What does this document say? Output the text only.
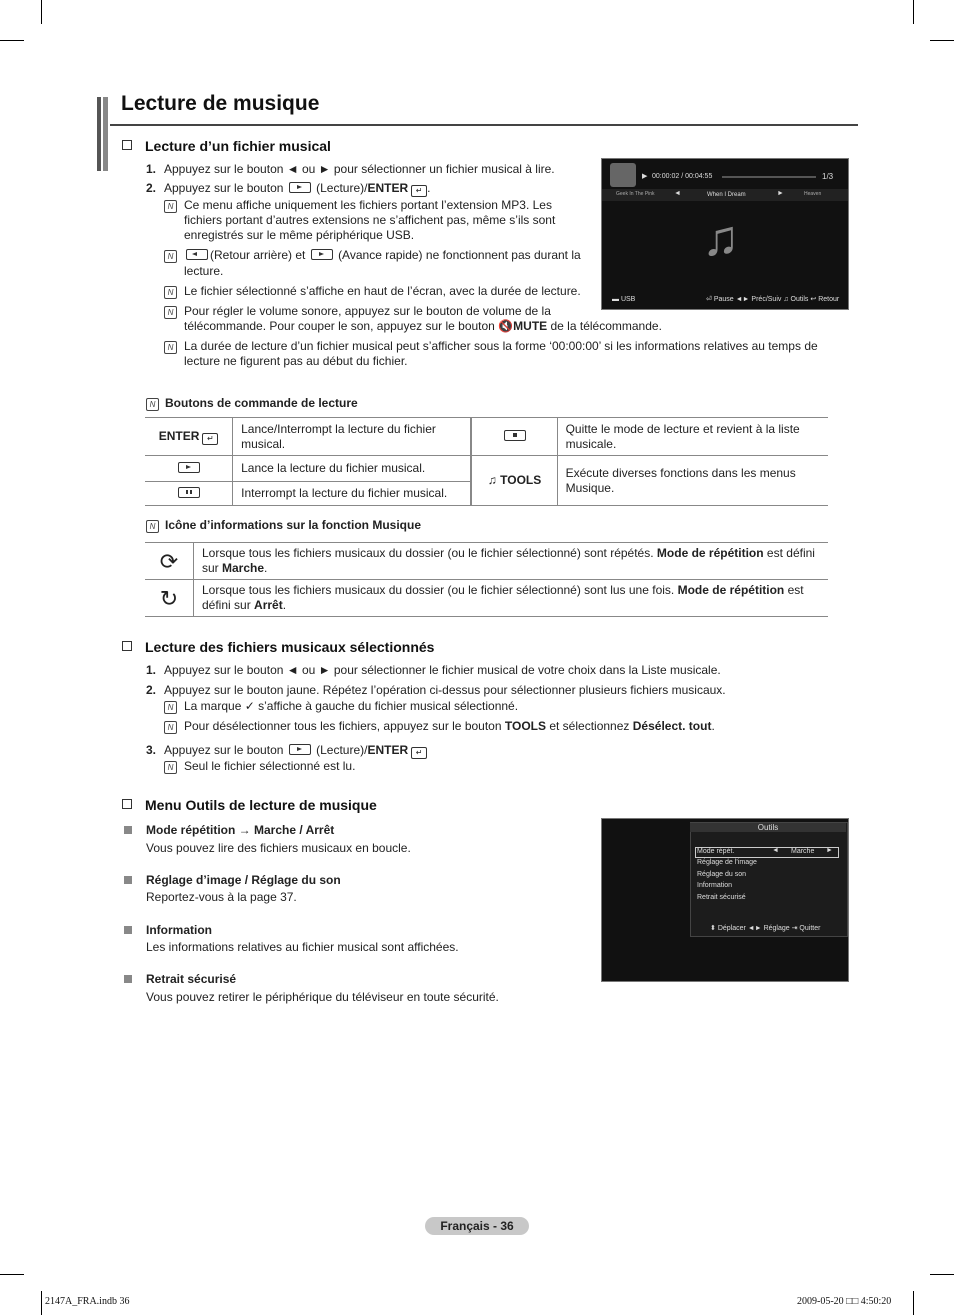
Lecture de musique
Lecture d’un fichier musical
1. Appuyez sur le bouton ◄ ou ► pour sélectionner un fichier musical à lire.
2. Appuyez sur le bouton	(Lecture)/ENTER ↵ .
N Ce menu affiche uniquement les fichiers portant l’extension MP3. Les
fichiers portant d’autres extensions ne s’affichent pas, même s’ils sont
enregistrés sur le même périphérique USB.
N	(Retour arrière) et	(Avance rapide) ne fonctionnent pas durant la
lecture.
N Le fichier sélectionné s’affiche en haut de l’écran, avec la durée de lecture.
N Pour régler le volume sonore, appuyez sur le bouton de volume de la
télécommande. Pour couper le son, appuyez sur le bouton 🔇MUTE de la télécommande.
N La durée de lecture d’un fichier musical peut s’afficher sous la forme ‘00:00:00’ si les informations relatives au temps de
lecture ne figurent pas au début du fichier.
▶ 00:00:02 / 00:04:55	1/3
Geek In The Pink	◄	When I Dream	►	Heaven
♫
▬ USB	⏎ Pause ◄► Préc/Suiv ♫ Outils ↩ Retour
N Boutons de commande de lecture
ENTER ↵	Lance/Interrompt la lecture du fichier
musical.		Quitte le mode de lecture et revient à la liste
musicale.

	Lance la lecture du fichier musical.	♫ TOOLS	Exécute diverses fonctions dans les menus
Musique.

	Interrompt la lecture du fichier musical.		
N Icône d’informations sur la fonction Musique
⟳	Lorsque tous les fichiers musicaux du dossier (ou le fichier sélectionné) sont répétés. Mode de répétition est défini
sur Marche.
↻	Lorsque tous les fichiers musicaux du dossier (ou le fichier sélectionné) sont lus une fois. Mode de répétition est
défini sur Arrêt.
Lecture des fichiers musicaux sélectionnés
1. Appuyez sur le bouton ◄ ou ► pour sélectionner le fichier musical de votre choix dans la Liste musicale.
2. Appuyez sur le bouton jaune. Répétez l’opération ci-dessus pour sélectionner plusieurs fichiers musicaux.
N La marque ✓ s’affiche à gauche du fichier musical sélectionné.
N Pour désélectionner tous les fichiers, appuyez sur le bouton TOOLS et sélectionnez Désélect. tout.
3. Appuyez sur le bouton	(Lecture)/ENTER ↵
N Seul le fichier sélectionné est lu.
Menu Outils de lecture de musique
Mode répétition → Marche / Arrêt
Vous pouvez lire des fichiers musicaux en boucle.
Réglage d’image / Réglage du son
Reportez-vous à la page 37.
Information
Les informations relatives au fichier musical sont affichées.
Retrait sécurisé
Vous pouvez retirer le périphérique du téléviseur en toute sécurité.
Outils
Mode répét.	◄ Marche ►
Réglage de l’image
Réglage du son
Information
Retrait sécurisé
⬍ Déplacer ◄► Réglage ⇥ Quitter
Français - 36
2147A_FRA.indb 36	2009-05-20 □□ 4:50:20
